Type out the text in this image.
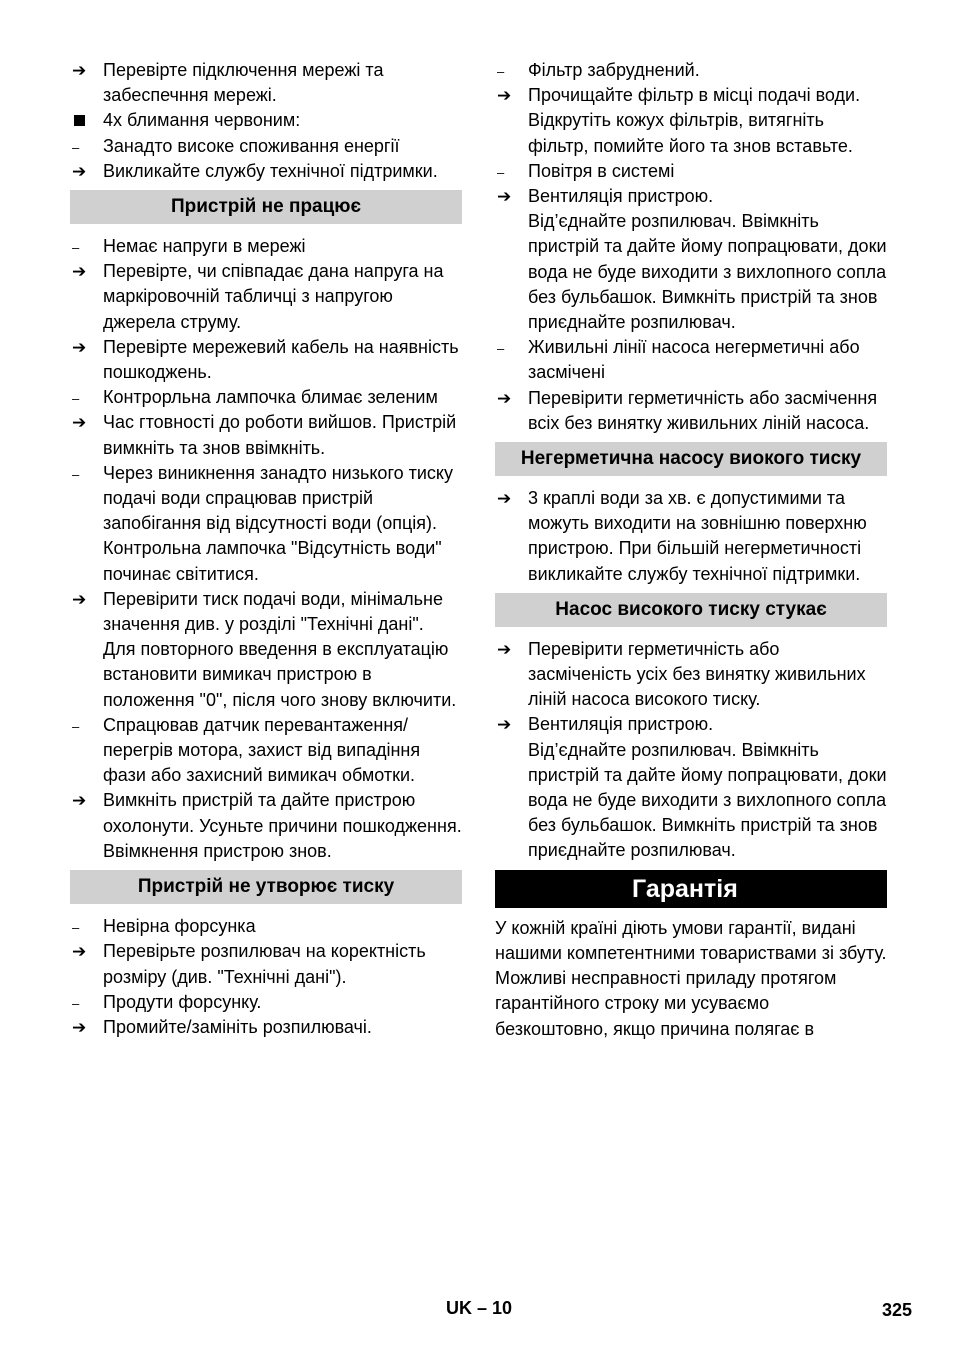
➔
Перевірте підключення мережі та забеспечння мережі.
4х блимання червоним:
–
Занадто високе споживання енергії
➔
Викликайте службу технічної підтримки.
Пристрій не працює
–
Немає напруги в мережі
➔
Перевірте, чи співпадає дана напруга на маркіровочній табличці з напругою джерела струму.
➔
Перевірте мережевий кабель на наявність пошкоджень.
–
Контрорльна лампочка блимає зеленим
➔
Час гтовності до роботи вийшов. Пристрій вимкніть та знов ввімкніть.
–
Через виникнення занадто низького тиску подачі води спрацював пристрій запобігання від відсутності води (опція).
Контрольна лампочка "Відсутність води" починає світитися.
➔
Перевірити тиск подачі води, мінімальне значення див. у розділі "Технічні дані".
Для повторного введення в експлуатацію встановити вимикач пристрою в положення "0", після чого знову включити.
–
Спрацював датчик перевантаження/ перегрів мотора, захист від випадіння фази або захисний вимикач обмотки.
➔
Вимкніть пристрій та дайте пристрою охолонути. Усуньте причини пошкодження. Ввімкнення пристрою знов.
Пристрій не утворює тиску
–
Невірна форсунка
➔
Перевірьте розпилювач на коректність розміру (див. "Технічні дані").
–
Продути форсунку.
➔
Промийте/замініть розпилювачі.
–
Фільтр забруднений.
➔
Прочищайте фільтр в місці подачі води.
Відкрутіть кожух фільтрів, витягніть фільтр, помийте його та знов вставьте.
–
Повітря в системі
➔
Вентиляція пристрою.
Від’єднайте розпилювач. Ввімкніть пристрій та дайте йому попрацювати, доки вода не буде виходити з вихлопного сопла без бульбашок. Вимкніть пристрій та знов приєднайте розпилювач.
–
Живильні лінії насоса негерметичні або засмічені
➔
Перевірити герметичність або засмічення всіх без винятку живильних ліній насоса.
Негерметична насосу виокого тиску
➔
3 краплі води за хв. є допустимими та можуть виходити на зовнішню поверхню пристрою. При більшій негерметичності викликайте службу технічної підтримки.
Насос високого тиску стукає
➔
Перевірити герметичність або засміченість усіх без винятку живильних ліній насоса високого тиску.
➔
Вентиляція пристрою.
Від’єднайте розпилювач. Ввімкніть пристрій та дайте йому попрацювати, доки вода не буде виходити з вихлопного сопла без бульбашок. Вимкніть пристрій та знов приєднайте розпилювач.
Гарантія
У кожній країні діють умови гарантії, видані нашими компетентними товариствами зі збуту. Можливі несправності приладу протягом гарантійного строку ми усуваємо безкоштовно, якщо причина полягає в
UK – 10	325
